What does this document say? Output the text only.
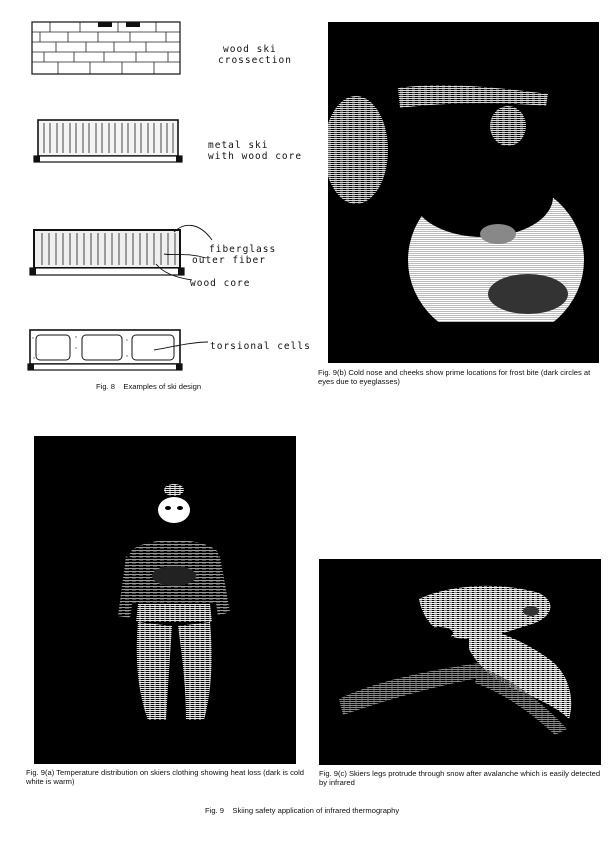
wood ski
crossection
metal ski
with wood core
fiberglass
outer fiber
wood core
torsional cells
Fig. 8    Examples of ski design
Fig. 9(b) Cold nose and cheeks show prime locations for frost bite (dark circles at eyes due to eyeglasses)
Fig. 9(a) Temperature distribution on skiers clothing showing heat loss (dark is cold white is warm)
Fig. 9(c) Skiers legs protrude through snow after avalanche which is easily detected by infrared
Fig. 9    Skiing safety application of infrared thermography
